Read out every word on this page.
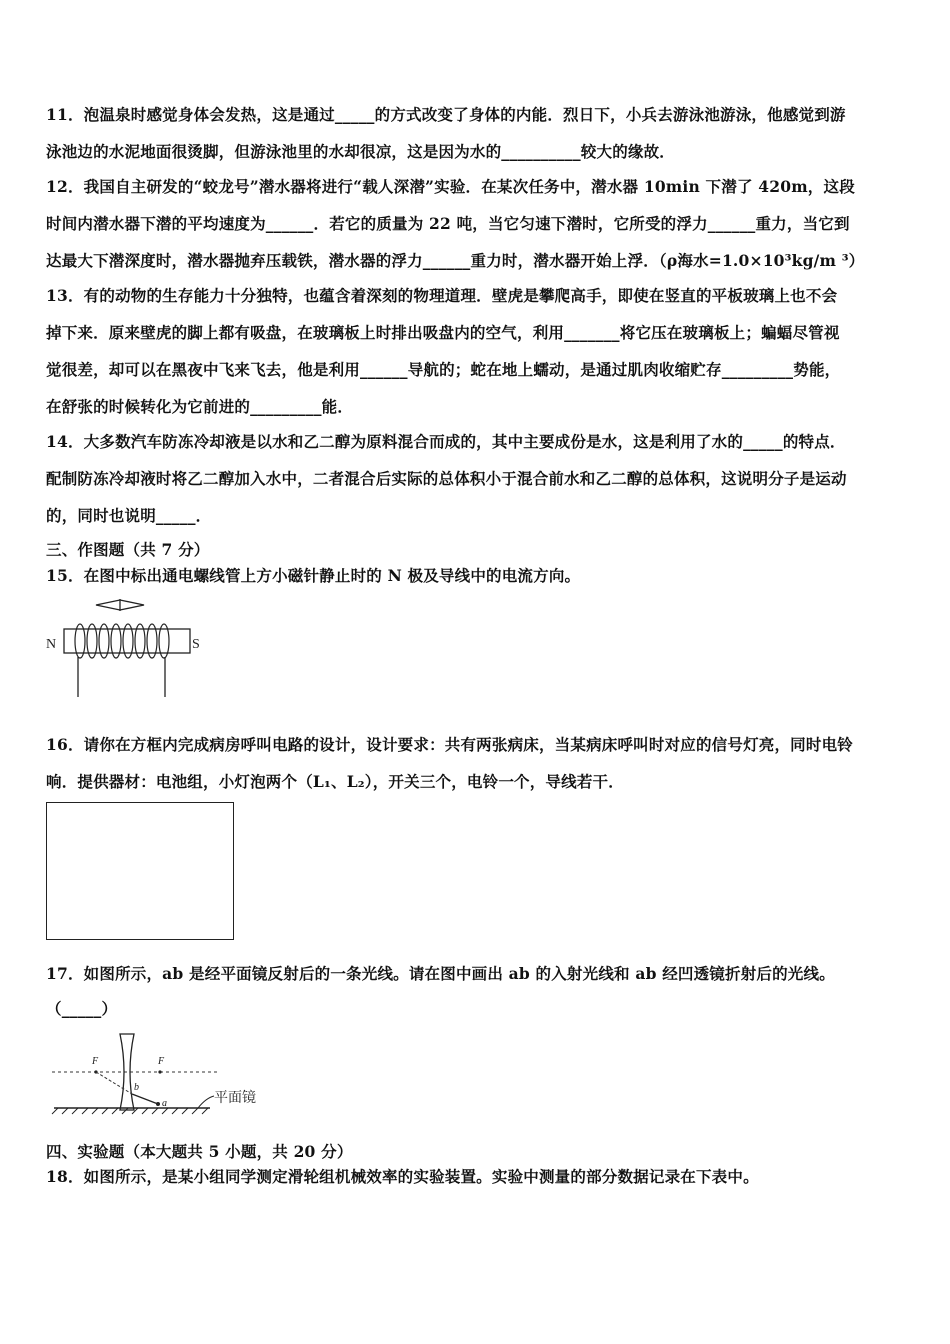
11．泡温泉时感觉身体会发热，这是通过_____的方式改变了身体的内能．烈日下，小兵去游泳池游泳，他感觉到游
泳池边的水泥地面很烫脚，但游泳池里的水却很凉，这是因为水的__________较大的缘故．
12．我国自主研发的“蛟龙号”潜水器将进行“载人深潜”实验．在某次任务中，潜水器 10min 下潜了 420m，这段
时间内潜水器下潜的平均速度为______．若它的质量为 22 吨，当它匀速下潜时，它所受的浮力______重力，当它到
达最大下潜深度时，潜水器抛弃压载铁，潜水器的浮力______重力时，潜水器开始上浮．（ρ海水=1.0×10³kg/m ³）
13．有的动物的生存能力十分独特，也蕴含着深刻的物理道理．壁虎是攀爬高手，即使在竖直的平板玻璃上也不会
掉下来．原来壁虎的脚上都有吸盘，在玻璃板上时排出吸盘内的空气，利用_______将它压在玻璃板上；蝙蝠尽管视
觉很差，却可以在黑夜中飞来飞去，他是利用______导航的；蛇在地上蠕动，是通过肌肉收缩贮存_________势能，
在舒张的时候转化为它前进的_________能．
14．大多数汽车防冻冷却液是以水和乙二醇为原料混合而成的，其中主要成份是水，这是利用了水的_____的特点．
配制防冻冷却液时将乙二醇加入水中，二者混合后实际的总体积小于混合前水和乙二醇的总体积，这说明分子是运动
的，同时也说明_____．
三、作图题（共 7 分）
15．在图中标出通电螺线管上方小磁针静止时的 N 极及导线中的电流方向。
N	S
16．请你在方框内完成病房呼叫电路的设计，设计要求：共有两张病床，当某病床呼叫时对应的信号灯亮，同时电铃
响．提供器材：电池组，小灯泡两个（L₁、L₂），开关三个，电铃一个，导线若干．
17．如图所示，ab 是经平面镜反射后的一条光线。请在图中画出 ab 的入射光线和 ab 经凹透镜折射后的光线。
（_____）
F	F
b
a	平面镜
四、实验题（本大题共 5 小题，共 20 分）
18．如图所示，是某小组同学测定滑轮组机械效率的实验装置。实验中测量的部分数据记录在下表中。
